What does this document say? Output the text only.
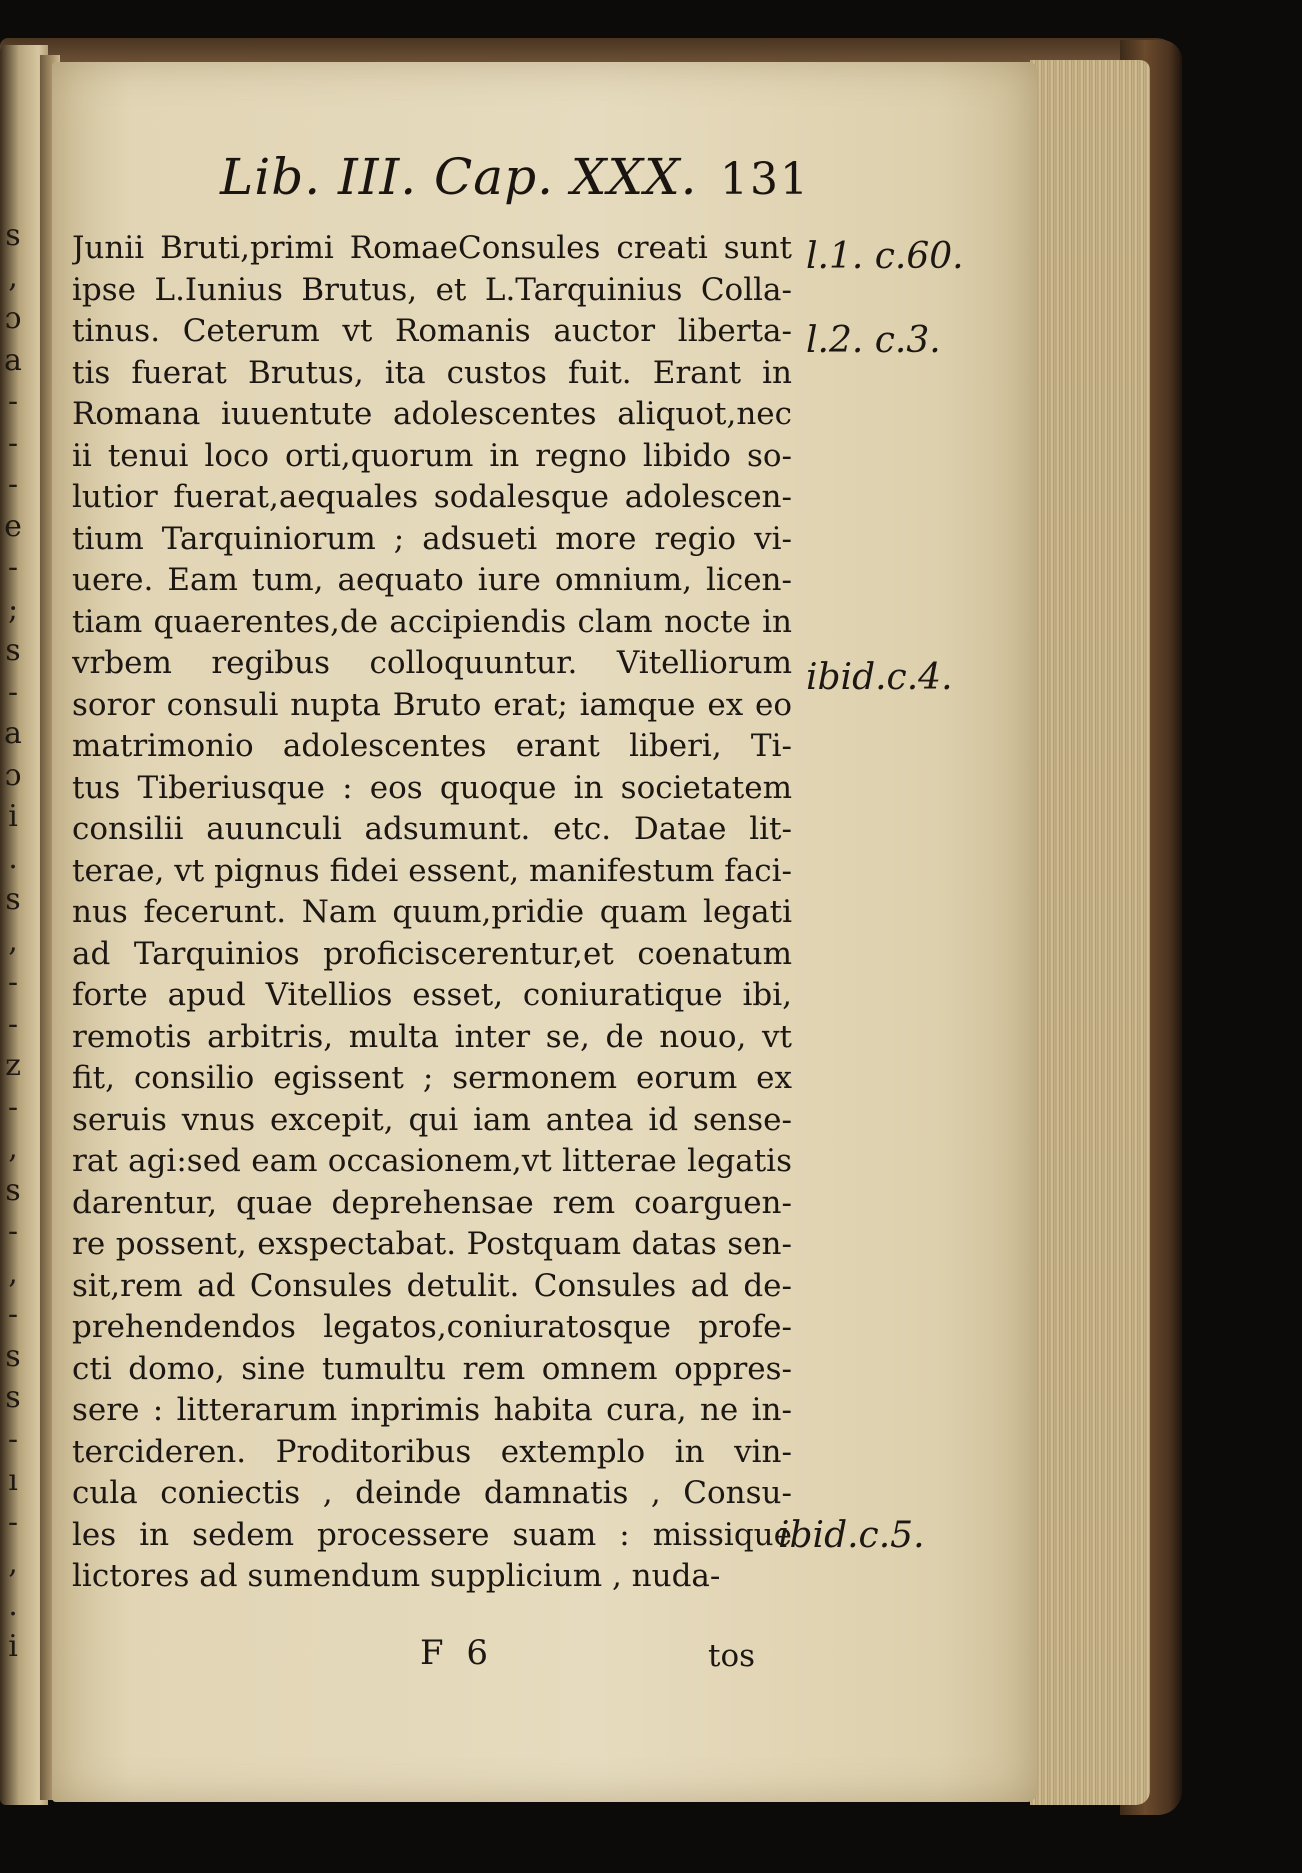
s
,
ɔ
a
-
-
-
e
-
;
s
-
a
ɔ
i
.
s
,
-
-
z
-
,
s
-
,
-
s
s
-
ı
-
,
.
i
Lib. III. Cap. XXX. 131
Junii Bruti,primi RomaeConsules creati sunt
ipse L.Iunius Brutus, et L.Tarquinius Colla-
tinus. Ceterum vt Romanis auctor liberta-
tis fuerat Brutus, ita custos fuit. Erant in
Romana iuuentute adolescentes aliquot,nec
ii tenui loco orti,quorum in regno libido so-
lutior fuerat,aequales sodalesque adolescen-
tium Tarquiniorum ; adsueti more regio vi-
uere. Eam tum, aequato iure omnium, licen-
tiam quaerentes,de accipiendis clam nocte in
vrbem regibus colloquuntur. Vitelliorum
soror consuli nupta Bruto erat; iamque ex eo
matrimonio adolescentes erant liberi, Ti-
tus Tiberiusque : eos quoque in societatem
consilii auunculi adsumunt. etc. Datae lit-
terae, vt pignus fidei essent, manifestum faci-
nus fecerunt. Nam quum,pridie quam legati
ad Tarquinios proficiscerentur,et coenatum
forte apud Vitellios esset, coniuratique ibi,
remotis arbitris, multa inter se, de nouo, vt
fit, consilio egissent ; sermonem eorum ex
seruis vnus excepit, qui iam antea id sense-
rat agi:sed eam occasionem,vt litterae legatis
darentur, quae deprehensae rem coarguen-
re possent, exspectabat. Postquam datas sen-
sit,rem ad Consules detulit. Consules ad de-
prehendendos legatos,coniuratosque profe-
cti domo, sine tumultu rem omnem oppres-
sere : litterarum inprimis habita cura, ne in-
tercideren. Proditoribus extemplo in vin-
cula coniectis , deinde damnatis , Consu-
les in sedem processere suam : missique
lictores ad sumendum supplicium , nuda-
l.1. c.60.
l.2. c.3.
ibid.c.4.
ibid.c.5.
F 6	tos
